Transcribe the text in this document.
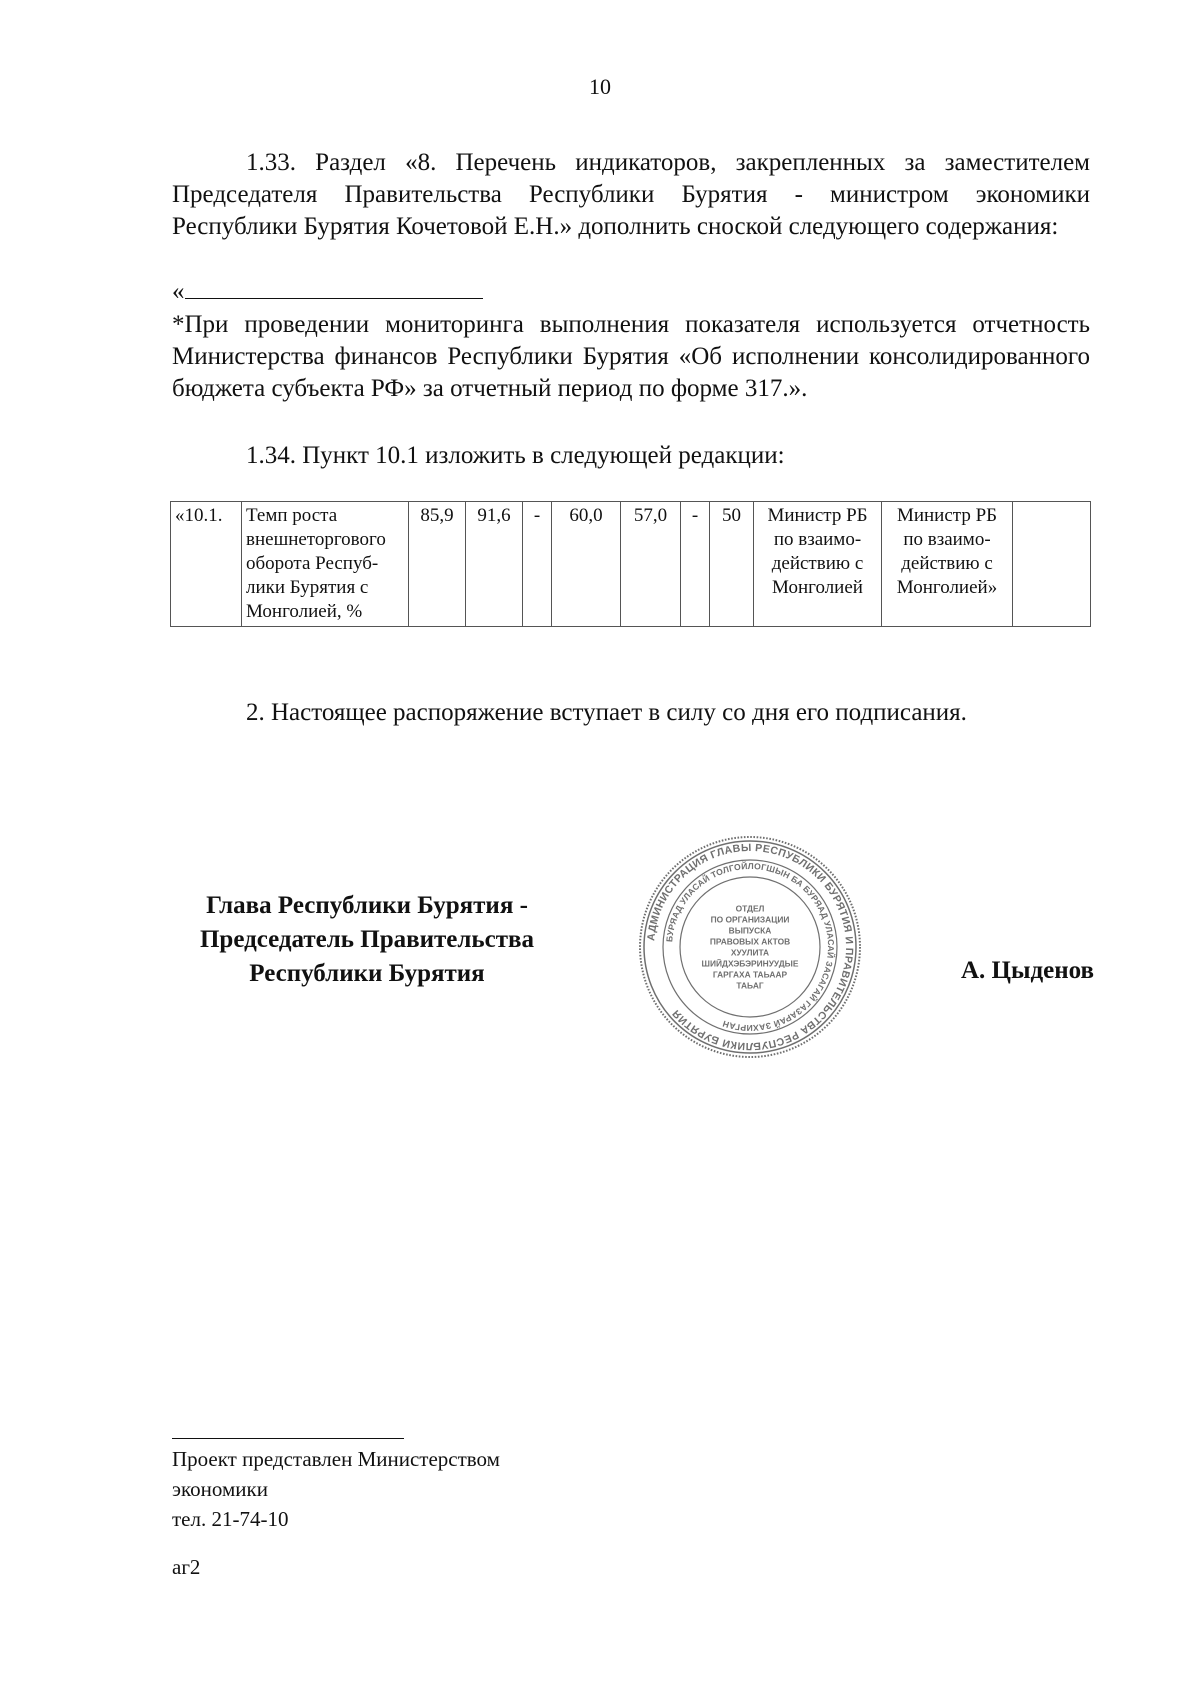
10

1.33. Раздел «8. Перечень индикаторов, закрепленных за заместителем Председателя Правительства Республики Бурятия - министром экономики Республики Бурятия Кочетовой Е.Н.» дополнить сноской следующего содержания:

«

*При проведении мониторинга выполнения показателя используется отчетность Министерства финансов Республики Бурятия «Об исполнении консолидированного бюджета субъекта РФ» за отчетный период по форме 317.».

1.34. Пункт 10.1 изложить в следующей редакции:
«10.1.	Темп роста внешнеторгового оборота Респуб-лики Бурятия с Монголией, %	85,9	91,6	-	60,0	57,0	-	50	Министр РБ по взаимо-действию с Монголией	Министр РБ по взаимо-действию с Монголией»	
2. Настоящее распоряжение вступает в силу со дня его подписания.
Глава Республики Бурятия -
Председатель Правительства
Республики Бурятия
АДМИНИСТРАЦИЯ ГЛАВЫ РЕСПУБЛИКИ БУРЯТИЯ И ПРАВИТЕЛЬСТВА РЕСПУБЛИКИ БУРЯТИЯ
БУРЯАД УЛАСАЙ ТОЛГОЙЛОГШЫН БА БУРЯАД УЛАСАЙ ЗАСАГАЙ ГАЗАРАЙ ЗАХИРГАН
ОТДЕЛ
ПО ОРГАНИЗАЦИИ
ВЫПУСКА
ПРАВОВЫХ АКТОВ
ХУУЛИТА
ШИЙДХЭБЭРИНУУДЫЕ
ГАРГАХА ТАЬААР
ТАЬАГ
А. Цыденов
Проект представлен Министерством
экономики
тел. 21-74-10
аг2
